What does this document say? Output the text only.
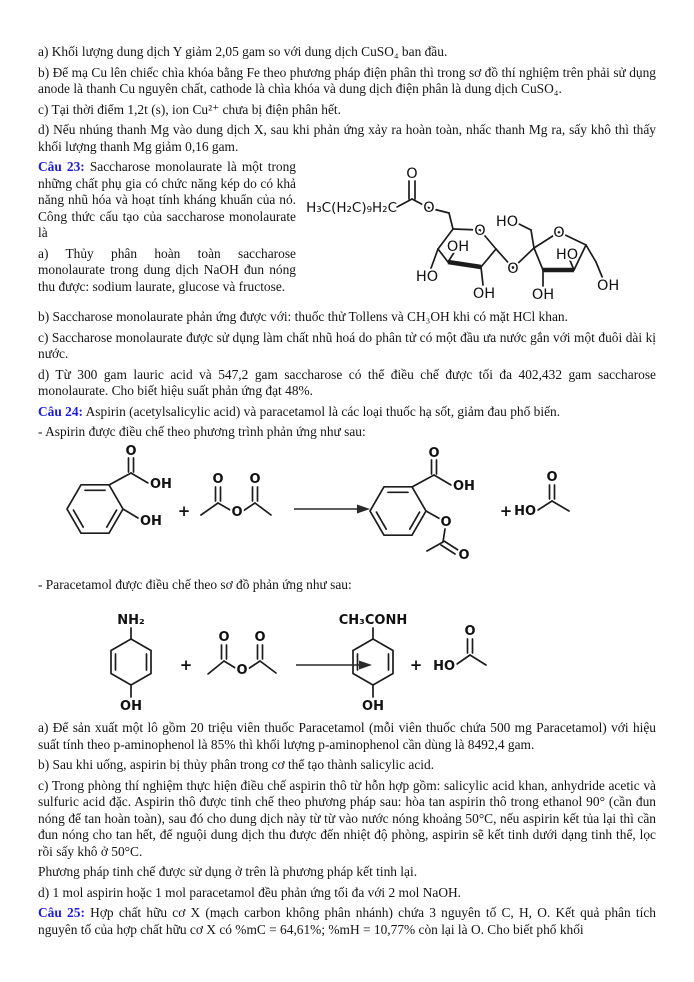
a) Khối lượng dung dịch Y giảm 2,05 gam so với dung dịch CuSO₄ ban đầu.

b) Để mạ Cu lên chiếc chìa khóa bằng Fe theo phương pháp điện phân thì trong sơ đồ thí nghiệm trên phải sử dụng anode là thanh Cu nguyên chất, cathode là chìa khóa và dung dịch điện phân là dung dịch CuSO₄.

c) Tại thời điểm 1,2t (s), ion Cu²⁺ chưa bị điện phân hết.

d) Nếu nhúng thanh Mg vào dung dịch X, sau khi phản ứng xảy ra hoàn toàn, nhấc thanh Mg ra, sấy khô thì thấy khối lượng thanh Mg giảm 0,16 gam.

H₃C(H₂C)₉H₂C
O
O
O
OH
HO
OH
O
HO
O
HO
OH
OH

Câu 23: Saccharose monolaurate là một trong những chất phụ gia có chức năng kép do có khả năng nhũ hóa và hoạt tính kháng khuẩn của nó. Công thức cấu tạo của saccharose monolaurate là

a) Thủy phân hoàn toàn saccharose monolaurate trong dung dịch NaOH đun nóng thu được: sodium laurate, glucose và fructose.

b) Saccharose monolaurate phản ứng được với: thuốc thử Tollens và CH₃OH khi có mặt HCl khan.

c) Saccharose monolaurate được sử dụng làm chất nhũ hoá do phân tử có một đầu ưa nước gắn với một đuôi dài kị nước.

d) Từ 300 gam lauric acid và 547,2 gam saccharose có thể điều chế được tối đa 402,432 gam saccharose monolaurate. Cho biết hiệu suất phản ứng đạt 48%.

Câu 24: Aspirin (acetylsalicylic acid) và paracetamol là các loại thuốc hạ sốt, giảm đau phổ biến.

- Aspirin được điều chế theo phương trình phản ứng như sau:

O
OH
OH
+
O
O
O
O
OH
O
O
+ HO
O

- Paracetamol được điều chế theo sơ đồ phản ứng như sau:

NH₂
OH
+
O
O
O
CH₃CONH
OH
+ HO
O

a) Để sản xuất một lô gồm 20 triệu viên thuốc Paracetamol (mỗi viên thuốc chứa 500 mg Paracetamol) với hiệu suất tính theo p-aminophenol là 85% thì khối lượng p-aminophenol cần dùng là 8492,4 gam.

b) Sau khi uống, aspirin bị thủy phân trong cơ thể tạo thành salicylic acid.

c) Trong phòng thí nghiệm thực hiện điều chế aspirin thô từ hỗn hợp gồm: salicylic acid khan, anhydride acetic và sulfuric acid đặc. Aspirin thô được tinh chế theo phương pháp sau: hòa tan aspirin thô trong ethanol 90° (cần đun nóng để tan hoàn toàn), sau đó cho dung dịch này từ từ vào nước nóng khoảng 50°C, nếu aspirin kết tủa lại thì cần đun nóng cho tan hết, để nguội dung dịch thu được đến nhiệt độ phòng, aspirin sẽ kết tinh dưới dạng tinh thể, lọc rồi sấy khô ở 50°C.

Phương pháp tinh chế được sử dụng ở trên là phương pháp kết tinh lại.

d) 1 mol aspirin hoặc 1 mol paracetamol đều phản ứng tối đa với 2 mol NaOH.

Câu 25: Hợp chất hữu cơ X (mạch carbon không phân nhánh) chứa 3 nguyên tố C, H, O. Kết quả phân tích nguyên tố của hợp chất hữu cơ X có %mC = 64,61%; %mH = 10,77% còn lại là O. Cho biết phổ khối
